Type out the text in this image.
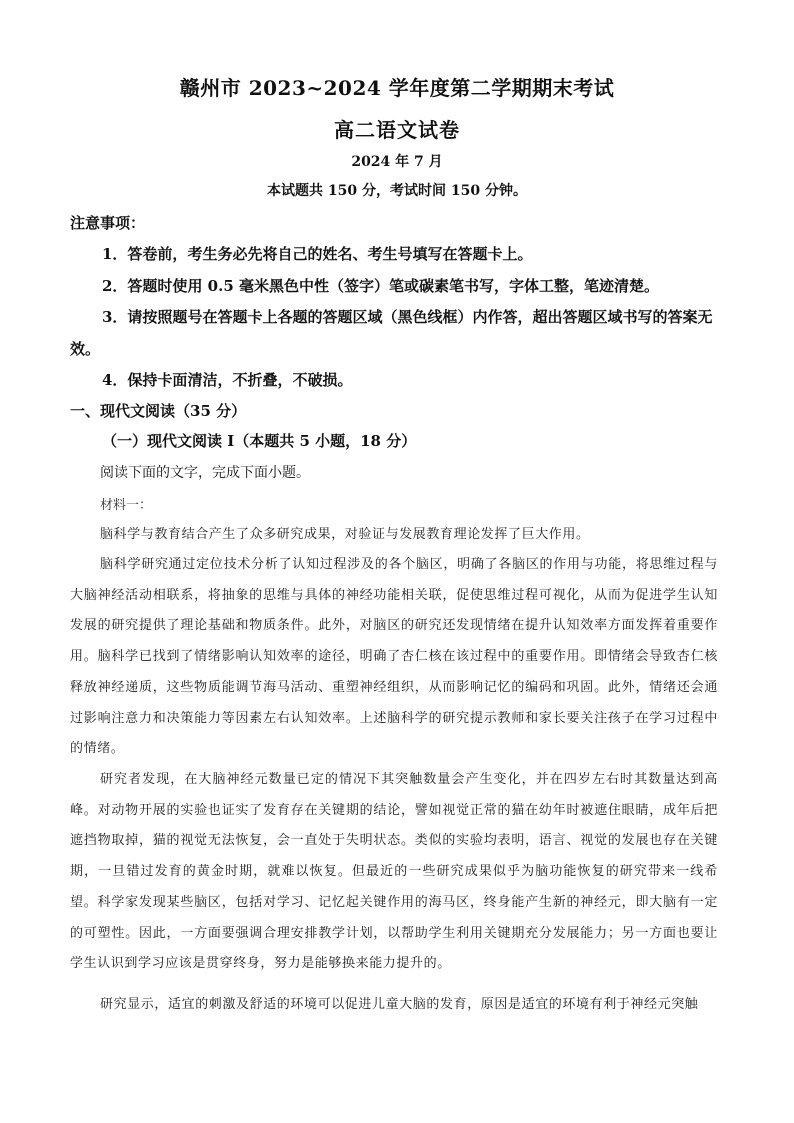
赣州市 2023~2024 学年度第二学期期末考试
高二语文试卷
2024 年 7 月
本试题共 150 分，考试时间 150 分钟。
注意事项：
1．答卷前，考生务必先将自己的姓名、考生号填写在答题卡上。
2．答题时使用 0.5 毫米黑色中性（签字）笔或碳素笔书写，字体工整，笔迹清楚。
3．请按照题号在答题卡上各题的答题区域（黑色线框）内作答，超出答题区域书写的答案无效。
4．保持卡面清洁，不折叠，不破损。
一、现代文阅读（35 分）
（一）现代文阅读 I（本题共 5 小题，18 分）
阅读下面的文字，完成下面小题。
材料一：
脑科学与教育结合产生了众多研究成果，对验证与发展教育理论发挥了巨大作用。
脑科学研究通过定位技术分析了认知过程涉及的各个脑区，明确了各脑区的作用与功能，将思维过程与大脑神经活动相联系，将抽象的思维与具体的神经功能相关联，促使思维过程可视化，从而为促进学生认知发展的研究提供了理论基础和物质条件。此外，对脑区的研究还发现情绪在提升认知效率方面发挥着重要作用。脑科学已找到了情绪影响认知效率的途径，明确了杏仁核在该过程中的重要作用。即情绪会导致杏仁核释放神经递质，这些物质能调节海马活动、重塑神经组织，从而影响记忆的编码和巩固。此外，情绪还会通过影响注意力和决策能力等因素左右认知效率。上述脑科学的研究提示教师和家长要关注孩子在学习过程中的情绪。
研究者发现，在大脑神经元数量已定的情况下其突触数量会产生变化，并在四岁左右时其数量达到高峰。对动物开展的实验也证实了发育存在关键期的结论，譬如视觉正常的猫在幼年时被遮住眼睛，成年后把遮挡物取掉，猫的视觉无法恢复，会一直处于失明状态。类似的实验均表明，语言、视觉的发展也存在关键期，一旦错过发育的黄金时期，就难以恢复。但最近的一些研究成果似乎为脑功能恢复的研究带来一线希望。科学家发现某些脑区，包括对学习、记忆起关键作用的海马区，终身能产生新的神经元，即大脑有一定的可塑性。因此，一方面要强调合理安排教学计划，以帮助学生利用关键期充分发展能力；另一方面也要让学生认识到学习应该是贯穿终身，努力是能够换来能力提升的。
研究显示，适宜的刺激及舒适的环境可以促进儿童大脑的发育，原因是适宜的环境有利于神经元突触
